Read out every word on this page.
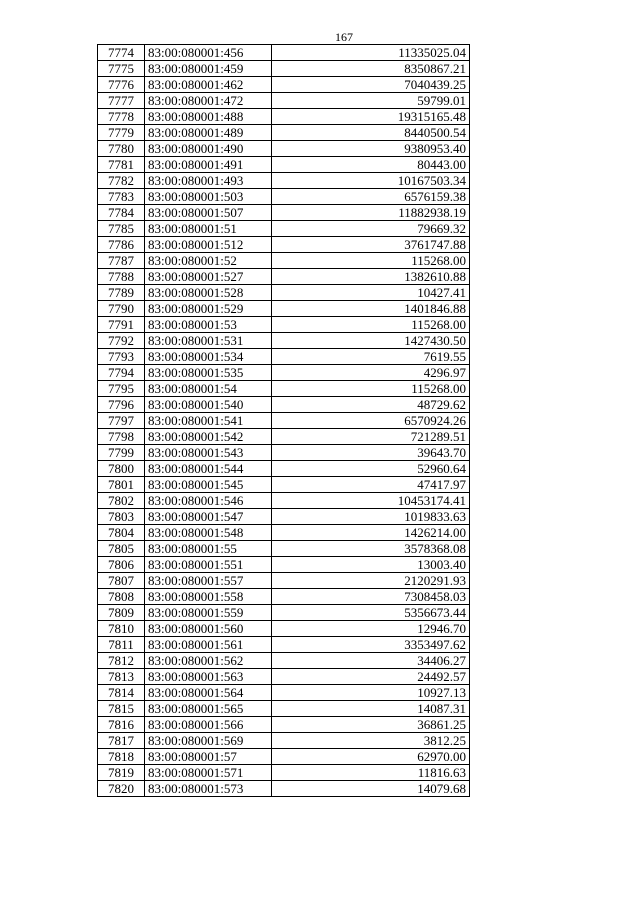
167
7774	83:00:080001:456	11335025.04
7775	83:00:080001:459	8350867.21
7776	83:00:080001:462	7040439.25
7777	83:00:080001:472	59799.01
7778	83:00:080001:488	19315165.48
7779	83:00:080001:489	8440500.54
7780	83:00:080001:490	9380953.40
7781	83:00:080001:491	80443.00
7782	83:00:080001:493	10167503.34
7783	83:00:080001:503	6576159.38
7784	83:00:080001:507	11882938.19
7785	83:00:080001:51	79669.32
7786	83:00:080001:512	3761747.88
7787	83:00:080001:52	115268.00
7788	83:00:080001:527	1382610.88
7789	83:00:080001:528	10427.41
7790	83:00:080001:529	1401846.88
7791	83:00:080001:53	115268.00
7792	83:00:080001:531	1427430.50
7793	83:00:080001:534	7619.55
7794	83:00:080001:535	4296.97
7795	83:00:080001:54	115268.00
7796	83:00:080001:540	48729.62
7797	83:00:080001:541	6570924.26
7798	83:00:080001:542	721289.51
7799	83:00:080001:543	39643.70
7800	83:00:080001:544	52960.64
7801	83:00:080001:545	47417.97
7802	83:00:080001:546	10453174.41
7803	83:00:080001:547	1019833.63
7804	83:00:080001:548	1426214.00
7805	83:00:080001:55	3578368.08
7806	83:00:080001:551	13003.40
7807	83:00:080001:557	2120291.93
7808	83:00:080001:558	7308458.03
7809	83:00:080001:559	5356673.44
7810	83:00:080001:560	12946.70
7811	83:00:080001:561	3353497.62
7812	83:00:080001:562	34406.27
7813	83:00:080001:563	24492.57
7814	83:00:080001:564	10927.13
7815	83:00:080001:565	14087.31
7816	83:00:080001:566	36861.25
7817	83:00:080001:569	3812.25
7818	83:00:080001:57	62970.00
7819	83:00:080001:571	11816.63
7820	83:00:080001:573	14079.68
